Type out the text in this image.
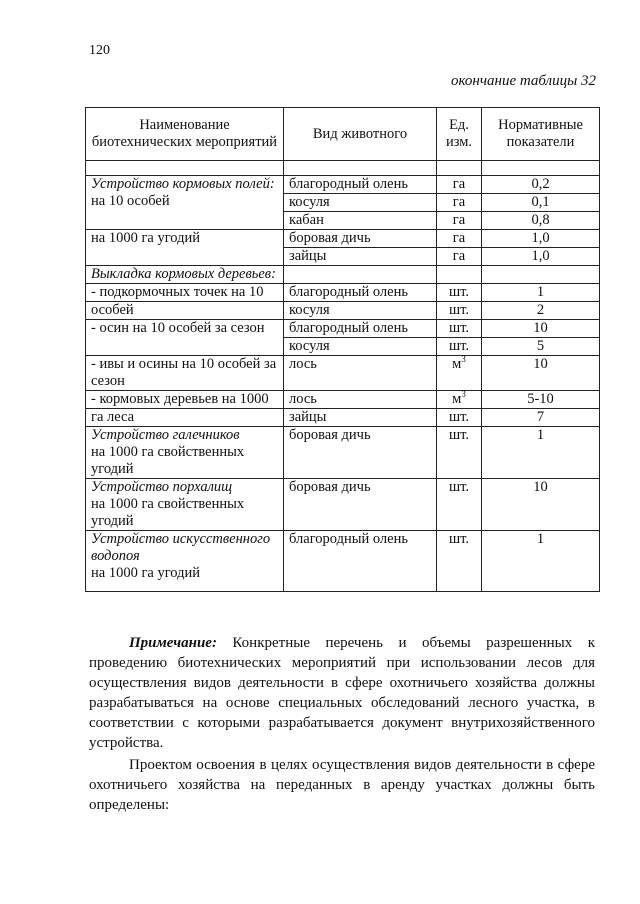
120
окончание таблицы 32
Наименование биотехнических мероприятий	Вид животного	Ед. изм.	Нормативные показатели

Устройство кормовых полей:
на 10 особей	благородный олень	га	0,2
	косуля	га	0,1
	кабан	га	0,8
на 1000 га угодий	боровая дичь	га	1,0
	зайцы	га	1,0
Выкладка кормовых деревьев:			
- подкормочных точек на 10	благородный олень	шт.	1
особей	косуля	шт.	2
- осин на 10 особей за сезон	благородный олень	шт.	10
	косуля	шт.	5

- ивы и осины на 10 особей за
сезон	лось	$м^3$	10
- кормовых деревьев на 1000	лось	$м^3$	5-10
га леса	зайцы	шт.	7

Устройство галечников
на 1000 га свойственных
угодий	боровая дичь	шт.	1

Устройство порхалищ
на 1000 га свойственных
угодий	боровая дичь	шт.	10

Устройство искусственного
водопоя
на 1000 га угодий	благородный олень	шт.	1

Примечание: Конкретные перечень и объемы разрешенных к проведению биотехнических мероприятий при использовании лесов для осуществления видов деятельности в сфере охотничьего хозяйства должны разрабатываться на основе специальных обследований лесного участка, в соответствии с которыми разрабатывается документ внутрихозяйственного устройства.

Проектом освоения в целях осуществления видов деятельности в сфере охотничьего хозяйства на переданных в аренду участках должны быть определены:
